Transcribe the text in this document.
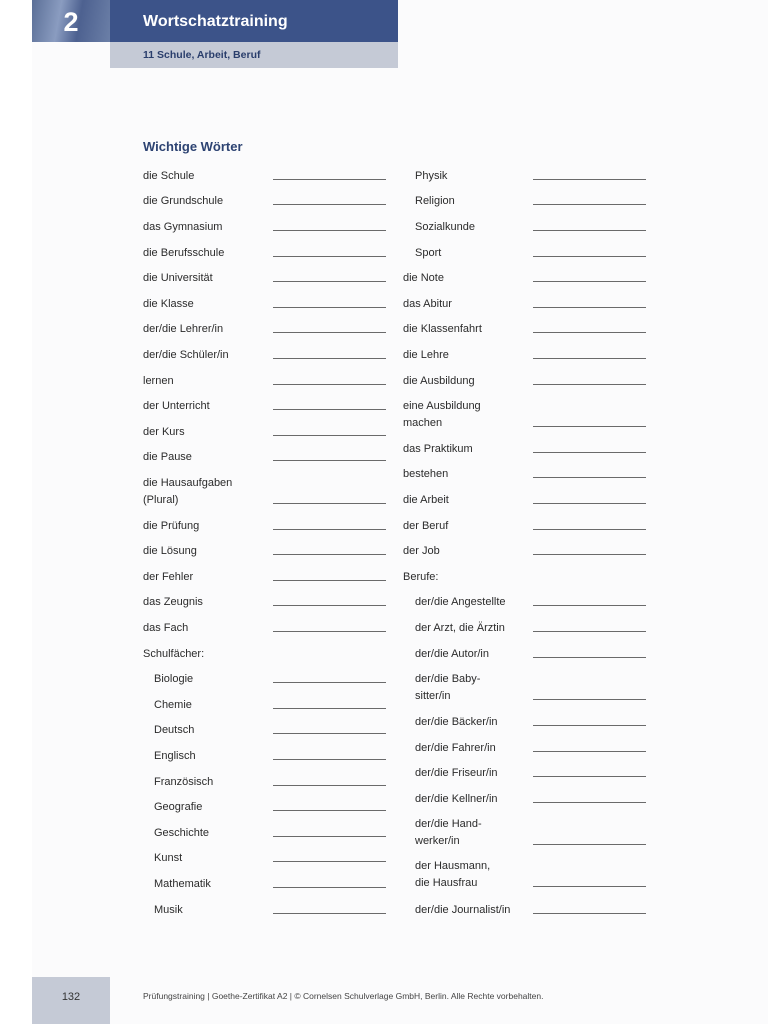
2	Wortschatztraining
11 Schule, Arbeit, Beruf
Wichtige Wörter
die Schule
die Grundschule
das Gymnasium
die Berufsschule
die Universität
die Klasse
der/die Lehrer/in
der/die Schüler/in
lernen
der Unterricht
der Kurs
die Pause
die Hausaufgaben
(Plural)
die Prüfung
die Lösung
der Fehler
das Zeugnis
das Fach
Schulfächer:
Biologie
Chemie
Deutsch
Englisch
Französisch
Geografie
Geschichte
Kunst
Mathematik
Musik
Physik
Religion
Sozialkunde
Sport
die Note
das Abitur
die Klassenfahrt
die Lehre
die Ausbildung
eine Ausbildung
machen
das Praktikum
bestehen
die Arbeit
der Beruf
der Job
Berufe:
der/die Angestellte
der Arzt, die Ärztin
der/die Autor/in
der/die Baby-
sitter/in
der/die Bäcker/in
der/die Fahrer/in
der/die Friseur/in
der/die Kellner/in
der/die Hand-
werker/in
der Hausmann,
die Hausfrau
der/die Journalist/in
132	Prüfungstraining | Goethe-Zertifikat A2 | © Cornelsen Schulverlage GmbH, Berlin. Alle Rechte vorbehalten.
